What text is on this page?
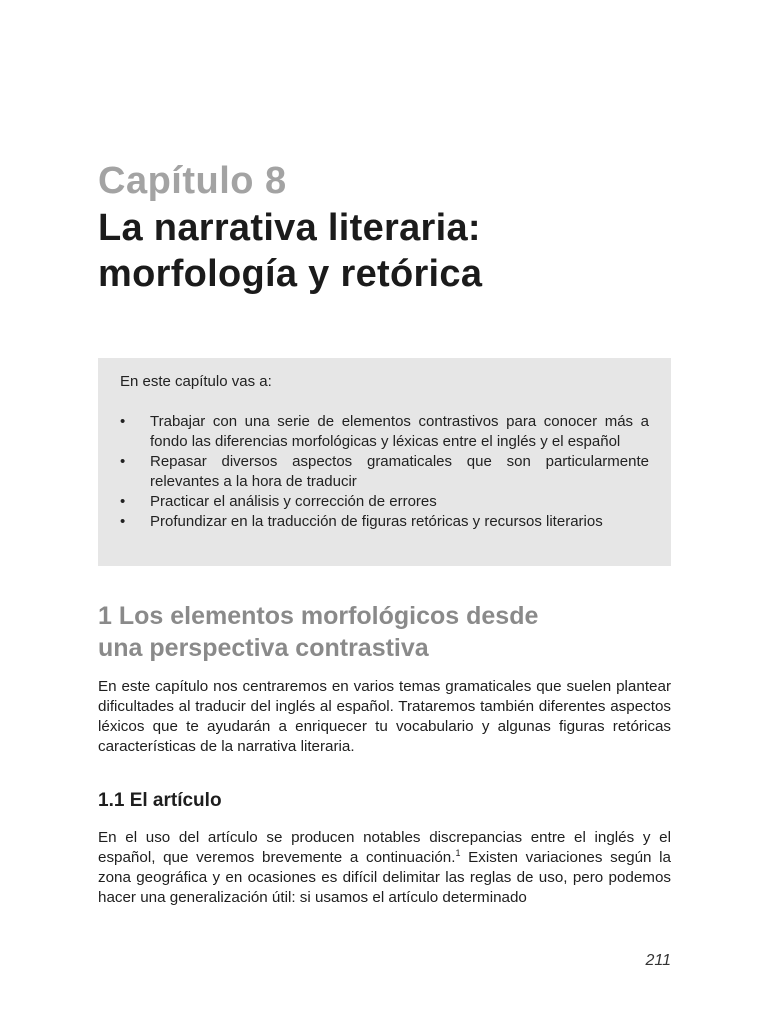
Capítulo 8
La narrativa literaria:
morfología y retórica

En este capítulo vas a:

• Trabajar con una serie de elementos contrastivos para conocer más a fondo las diferencias morfológicas y léxicas entre el inglés y el español
• Repasar diversos aspectos gramaticales que son particularmente relevantes a la hora de traducir
• Practicar el análisis y corrección de errores
• Profundizar en la traducción de figuras retóricas y recursos literarios
1 Los elementos morfológicos desde
una perspectiva contrastiva

En este capítulo nos centraremos en varios temas gramaticales que suelen plantear dificultades al traducir del inglés al español. Trataremos también diferentes aspectos léxicos que te ayudarán a enriquecer tu vocabulario y algunas figuras retóricas características de la narrativa literaria.

1.1 El artículo

En el uso del artículo se producen notables discrepancias entre el inglés y el español, que veremos brevemente a continuación.$^1$ Existen variaciones según la zona geográfica y en ocasiones es difícil delimitar las reglas de uso, pero podemos hacer una generalización útil: si usamos el artículo determinado

211
